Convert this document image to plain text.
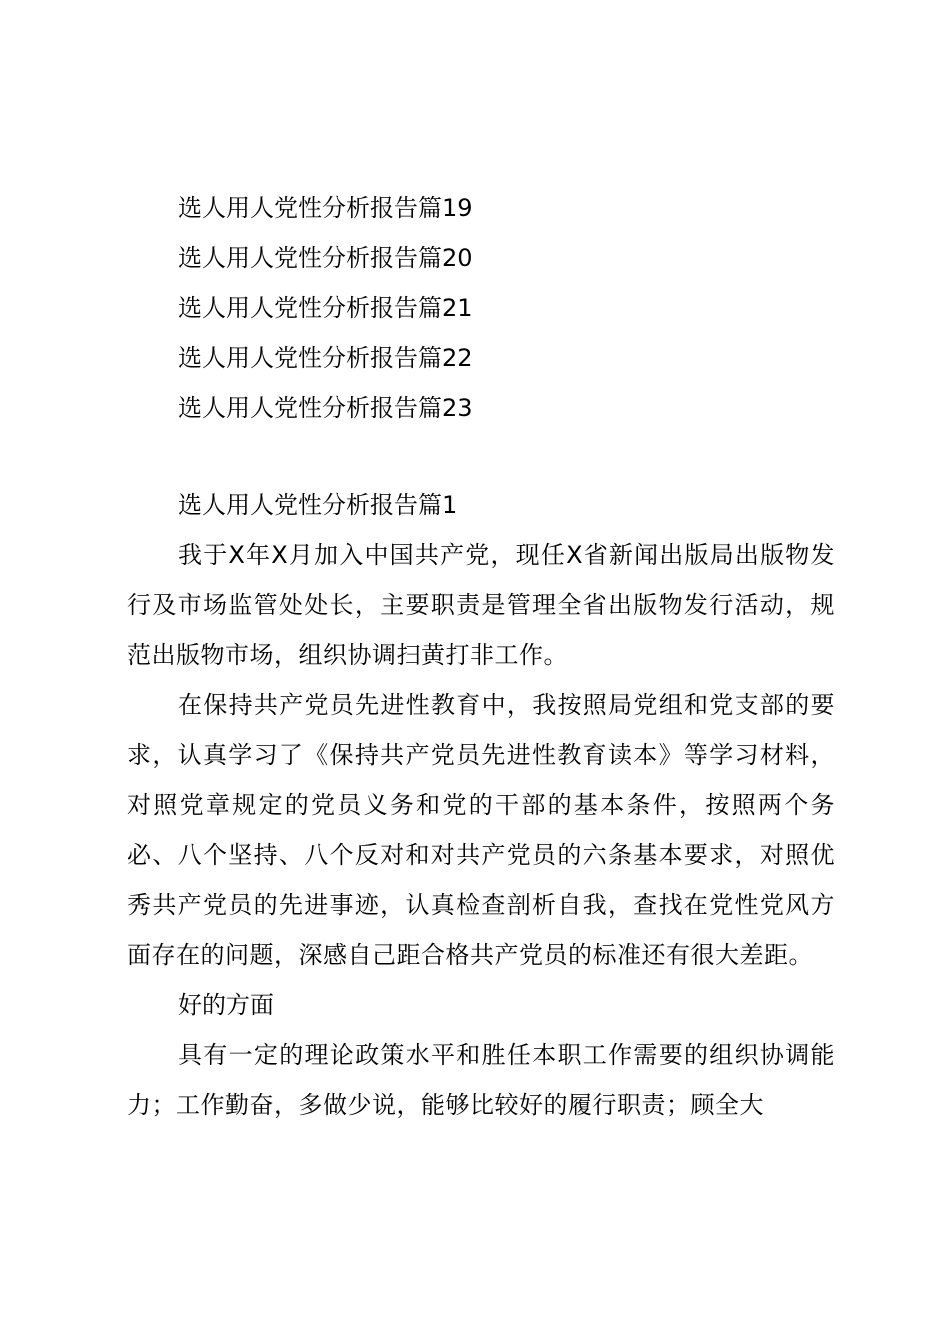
选人用人党性分析报告篇19
选人用人党性分析报告篇20
选人用人党性分析报告篇21
选人用人党性分析报告篇22
选人用人党性分析报告篇23
选人用人党性分析报告篇1

我于X年X月加入中国共产党，现任X省新闻出版局出版物发行及市场监管处处长，主要职责是管理全省出版物发行活动，规范出版物市场，组织协调扫黄打非工作。

在保持共产党员先进性教育中，我按照局党组和党支部的要求，认真学习了《保持共产党员先进性教育读本》等学习材料，对照党章规定的党员义务和党的干部的基本条件，按照两个务必、八个坚持、八个反对和对共产党员的六条基本要求，对照优秀共产党员的先进事迹，认真检查剖析自我，查找在党性党风方面存在的问题，深感自己距合格共产党员的标准还有很大差距。

好的方面

具有一定的理论政策水平和胜任本职工作需要的组织协调能力；工作勤奋，多做少说，能够比较好的履行职责；顾全大
